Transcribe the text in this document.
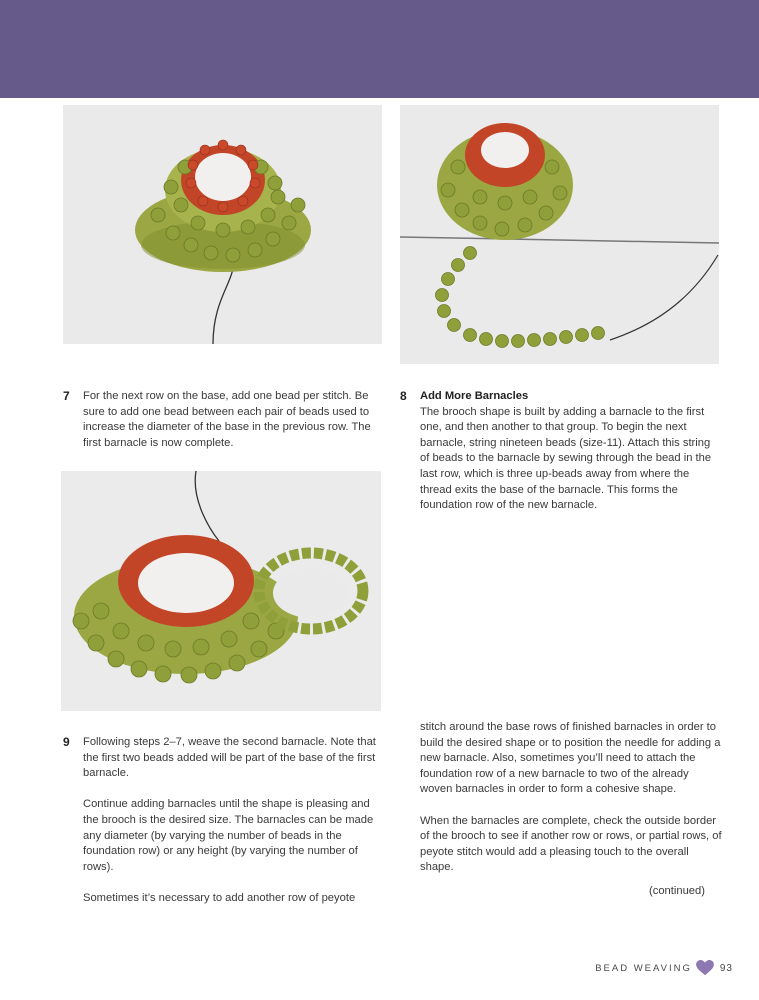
7 For the next row on the base, add one bead per stitch. Be sure to add one bead between each pair of beads used to increase the diameter of the base in the previous row. The first barnacle is now complete.

8 Add More Barnacles

The brooch shape is built by adding a barnacle to the first one, and then another to that group. To begin the next barnacle, string nineteen beads (size-11). Attach this string of beads to the barnacle by sewing through the bead in the last row, which is three up-beads away from where the thread exits the base of the barnacle. This forms the foundation row of the new barnacle.

9 Following steps 2–7, weave the second barnacle. Note that the first two beads added will be part of the base of the first barnacle.

Continue adding barnacles until the shape is pleasing and the brooch is the desired size. The barnacles can be made any diameter (by varying the number of beads in the foundation row) or any height (by varying the number of rows).

Sometimes it’s necessary to add another row of peyote

stitch around the base rows of finished barnacles in order to build the desired shape or to position the needle for adding a new barnacle. Also, sometimes you’ll need to attach the foundation row of a new barnacle to two of the already woven barnacles in order to form a cohesive shape.

When the barnacles are complete, check the outside border of the brooch to see if another row or rows, or partial rows, of peyote stitch would add a pleasing touch to the overall shape.

(continued)
BEAD WEAVING	93
